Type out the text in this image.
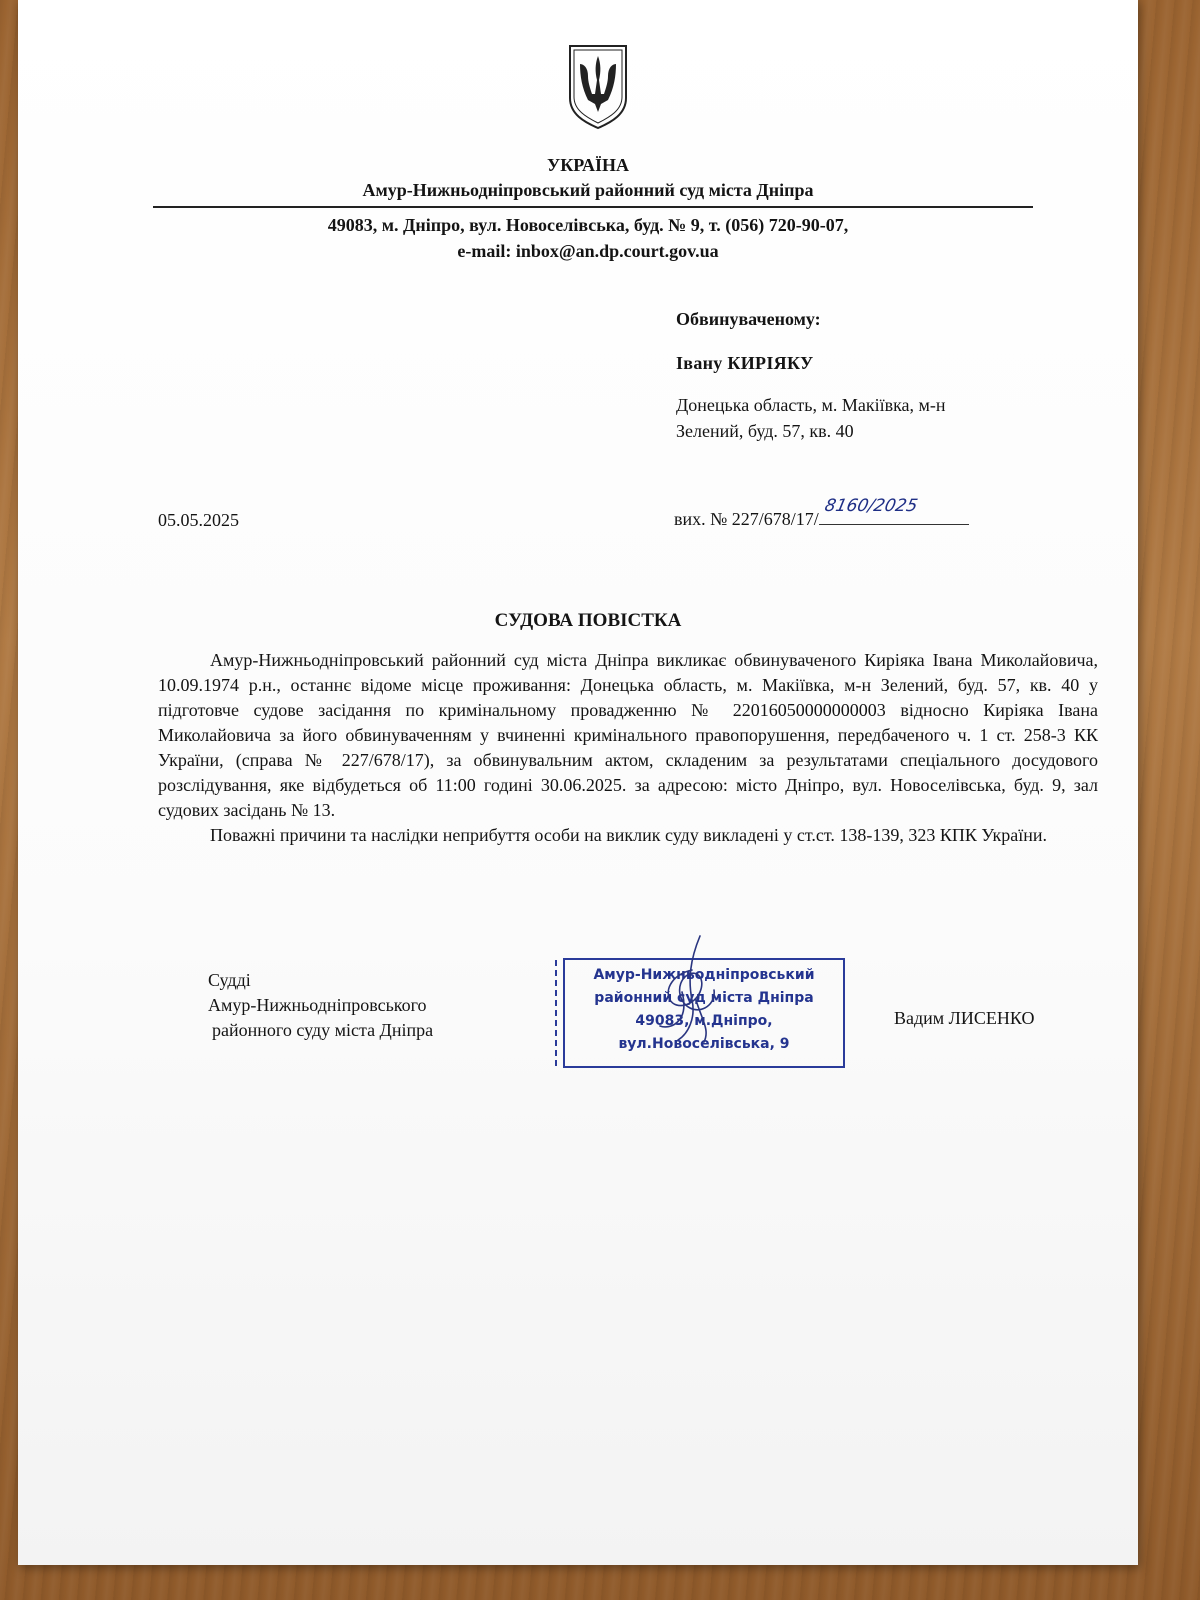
УКРАЇНА
Амур-Нижньодніпровський районний суд міста Дніпра
49083, м. Дніпро, вул. Новоселівська, буд. № 9, т. (056) 720-90-07,
e-mail: inbox@an.dp.court.gov.ua
Обвинуваченому:
Івану КИРІЯКУ
Донецька область, м. Макіївка, м-н
Зелений, буд. 57, кв. 40
05.05.2025	вих. № 227/678/17/
8160/2025
СУДОВА ПОВІСТКА

Амур-Нижньодніпровський районний суд міста Дніпра викликає обвинуваченого Киріяка Івана Миколайовича, 10.09.1974 р.н., останнє відоме місце проживання: Донецька область, м. Макіївка, м-н Зелений, буд. 57, кв. 40 у підготовче судове засідання по кримінальному провадженню № 22016050000000003 відносно Киріяка Івана Миколайовича за його обвинуваченням у вчиненні кримінального правопорушення, передбаченого ч. 1 ст. 258-3 КК України, (справа № 227/678/17), за обвинувальним актом, складеним за результатами спеціального досудового розслідування, яке відбудеться об 11:00 годині 30.06.2025. за адресою: місто Дніпро, вул. Новоселівська, буд. 9, зал судових засідань № 13.

Поважні причини та наслідки неприбуття особи на виклик суду викладені у ст.ст. 138-139, 323 КПК України.

Судді
Амур-Нижньодніпровського
районного суду міста Дніпра
Амур-Нижньодніпровський
районний суд міста Дніпра
49083, м.Дніпро,
вул.Новоселівська, 9
Вадим ЛИСЕНКО
